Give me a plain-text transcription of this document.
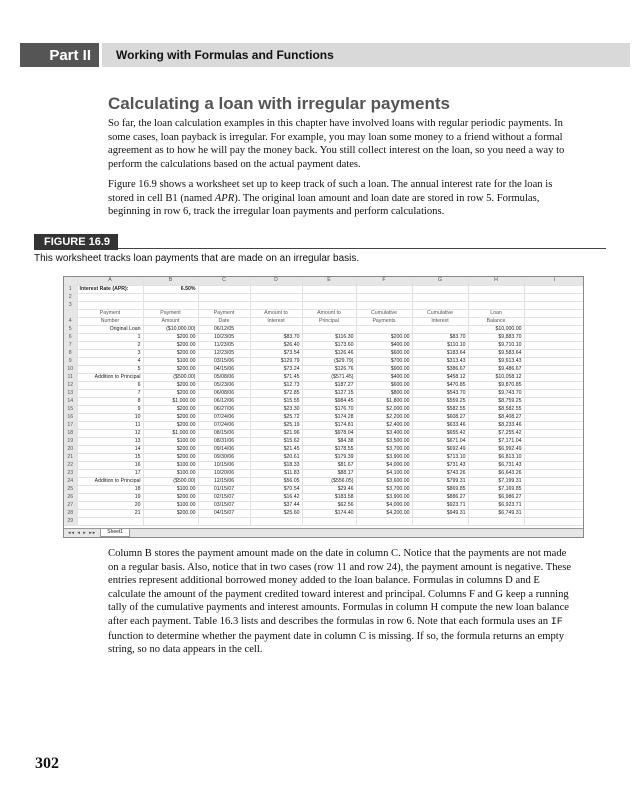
Part II	Working with Formulas and Functions
Calculating a loan with irregular payments

So far, the loan calculation examples in this chapter have involved loans with regular periodic payments. In some cases, loan payback is irregular. For example, you may loan some money to a friend without a formal agreement as to how he will pay the money back. You still collect interest on the loan, so you need a way to perform the calculations based on the actual payment dates.

Figure 16.9 shows a worksheet set up to keep track of such a loan. The annual interest rate for the loan is stored in cell B1 (named APR). The original loan amount and loan date are stored in row 5. Formulas, beginning in row 6, track the irregular loan payments and perform calculations.

FIGURE 16.9
This worksheet tracks loan payments that are made on an irregular basis.
	A	B	C	D	E	F	G	H	I
1	Interest Rate (APR):	6.50%							
2									
3									
	Payment	Payment	Payment	Amount to	Amount to	Cumulative	Cumulative	Loan	
4	Number	Amount	Date	Interest	Principal	Payments	Interest	Balance	
5	Original Loan	($10,000.00)	06/12/05					$10,000.00	
6	1	$200.00	10/23/05	$83.70	$116.30	$200.00	$83.70	$9,883.70	
7	2	$200.00	11/23/05	$26.40	$173.60	$400.00	$110.10	$9,710.10	
8	3	$200.00	12/23/05	$73.54	$126.46	$600.00	$183.64	$9,583.64	
9	4	$100.00	03/15/06	$129.79	($29.79)	$700.00	$313.43	$9,613.43	
10	5	$200.00	04/15/06	$73.24	$126.76	$900.00	$386.67	$9,486.67	
11	Addition to Principal	($500.00)	05/08/06	$71.45	($571.45)	$400.00	$458.12	$10,058.12	
12	6	$200.00	05/23/06	$12.73	$187.27	$600.00	$470.85	$9,870.85	
13	7	$200.00	06/08/06	$72.85	$127.15	$800.00	$543.70	$9,743.70	
14	8	$1,000.00	06/12/06	$15.55	$984.45	$1,800.00	$559.25	$8,759.25	
15	9	$200.00	06/27/06	$23.30	$176.70	$2,000.00	$582.55	$8,582.55	
16	10	$200.00	07/24/06	$25.72	$174.28	$2,200.00	$608.27	$8,408.27	
17	11	$200.00	07/24/06	$25.19	$174.81	$2,400.00	$633.46	$8,233.46	
18	12	$1,000.00	08/15/06	$21.96	$978.04	$3,400.00	$655.42	$7,255.42	
19	13	$100.00	08/31/06	$15.62	$84.38	$3,500.00	$671.04	$7,171.04	
20	14	$200.00	09/14/06	$21.45	$178.55	$3,700.00	$692.49	$6,992.49	
21	15	$200.00	09/30/06	$20.61	$179.39	$3,900.00	$713.10	$6,813.10	
22	16	$100.00	10/15/06	$18.33	$81.67	$4,000.00	$731.43	$6,731.43	
23	17	$100.00	10/20/06	$11.83	$88.17	$4,100.00	$743.26	$6,643.26	
24	Addition to Principal	($500.00)	12/15/06	$56.05	($556.05)	$3,600.00	$799.31	$7,199.31	
25	18	$100.00	01/15/07	$70.54	$29.46	$3,700.00	$869.85	$7,169.85	
26	19	$200.00	02/15/07	$16.42	$183.58	$3,900.00	$886.27	$6,986.27	
27	20	$100.00	03/15/07	$37.44	$62.56	$4,000.00	$923.71	$6,923.71	
28	21	$200.00	04/15/07	$25.60	$174.40	$4,200.00	$949.31	$6,749.31	
29									
◂◂ ◂ ▸ ▸▸	Sheet1

Column B stores the payment amount made on the date in column C. Notice that the payments are not made on a regular basis. Also, notice that in two cases (row 11 and row 24), the payment amount is negative. These entries represent additional borrowed money added to the loan balance. Formulas in columns D and E calculate the amount of the payment credited toward interest and principal. Columns F and G keep a running tally of the cumulative payments and interest amounts. Formulas in column H compute the new loan balance after each payment. Table 16.3 lists and describes the formulas in row 6. Note that each formula uses an IF function to determine whether the payment date in column C is missing. If so, the formula returns an empty string, so no data appears in the cell.

302
